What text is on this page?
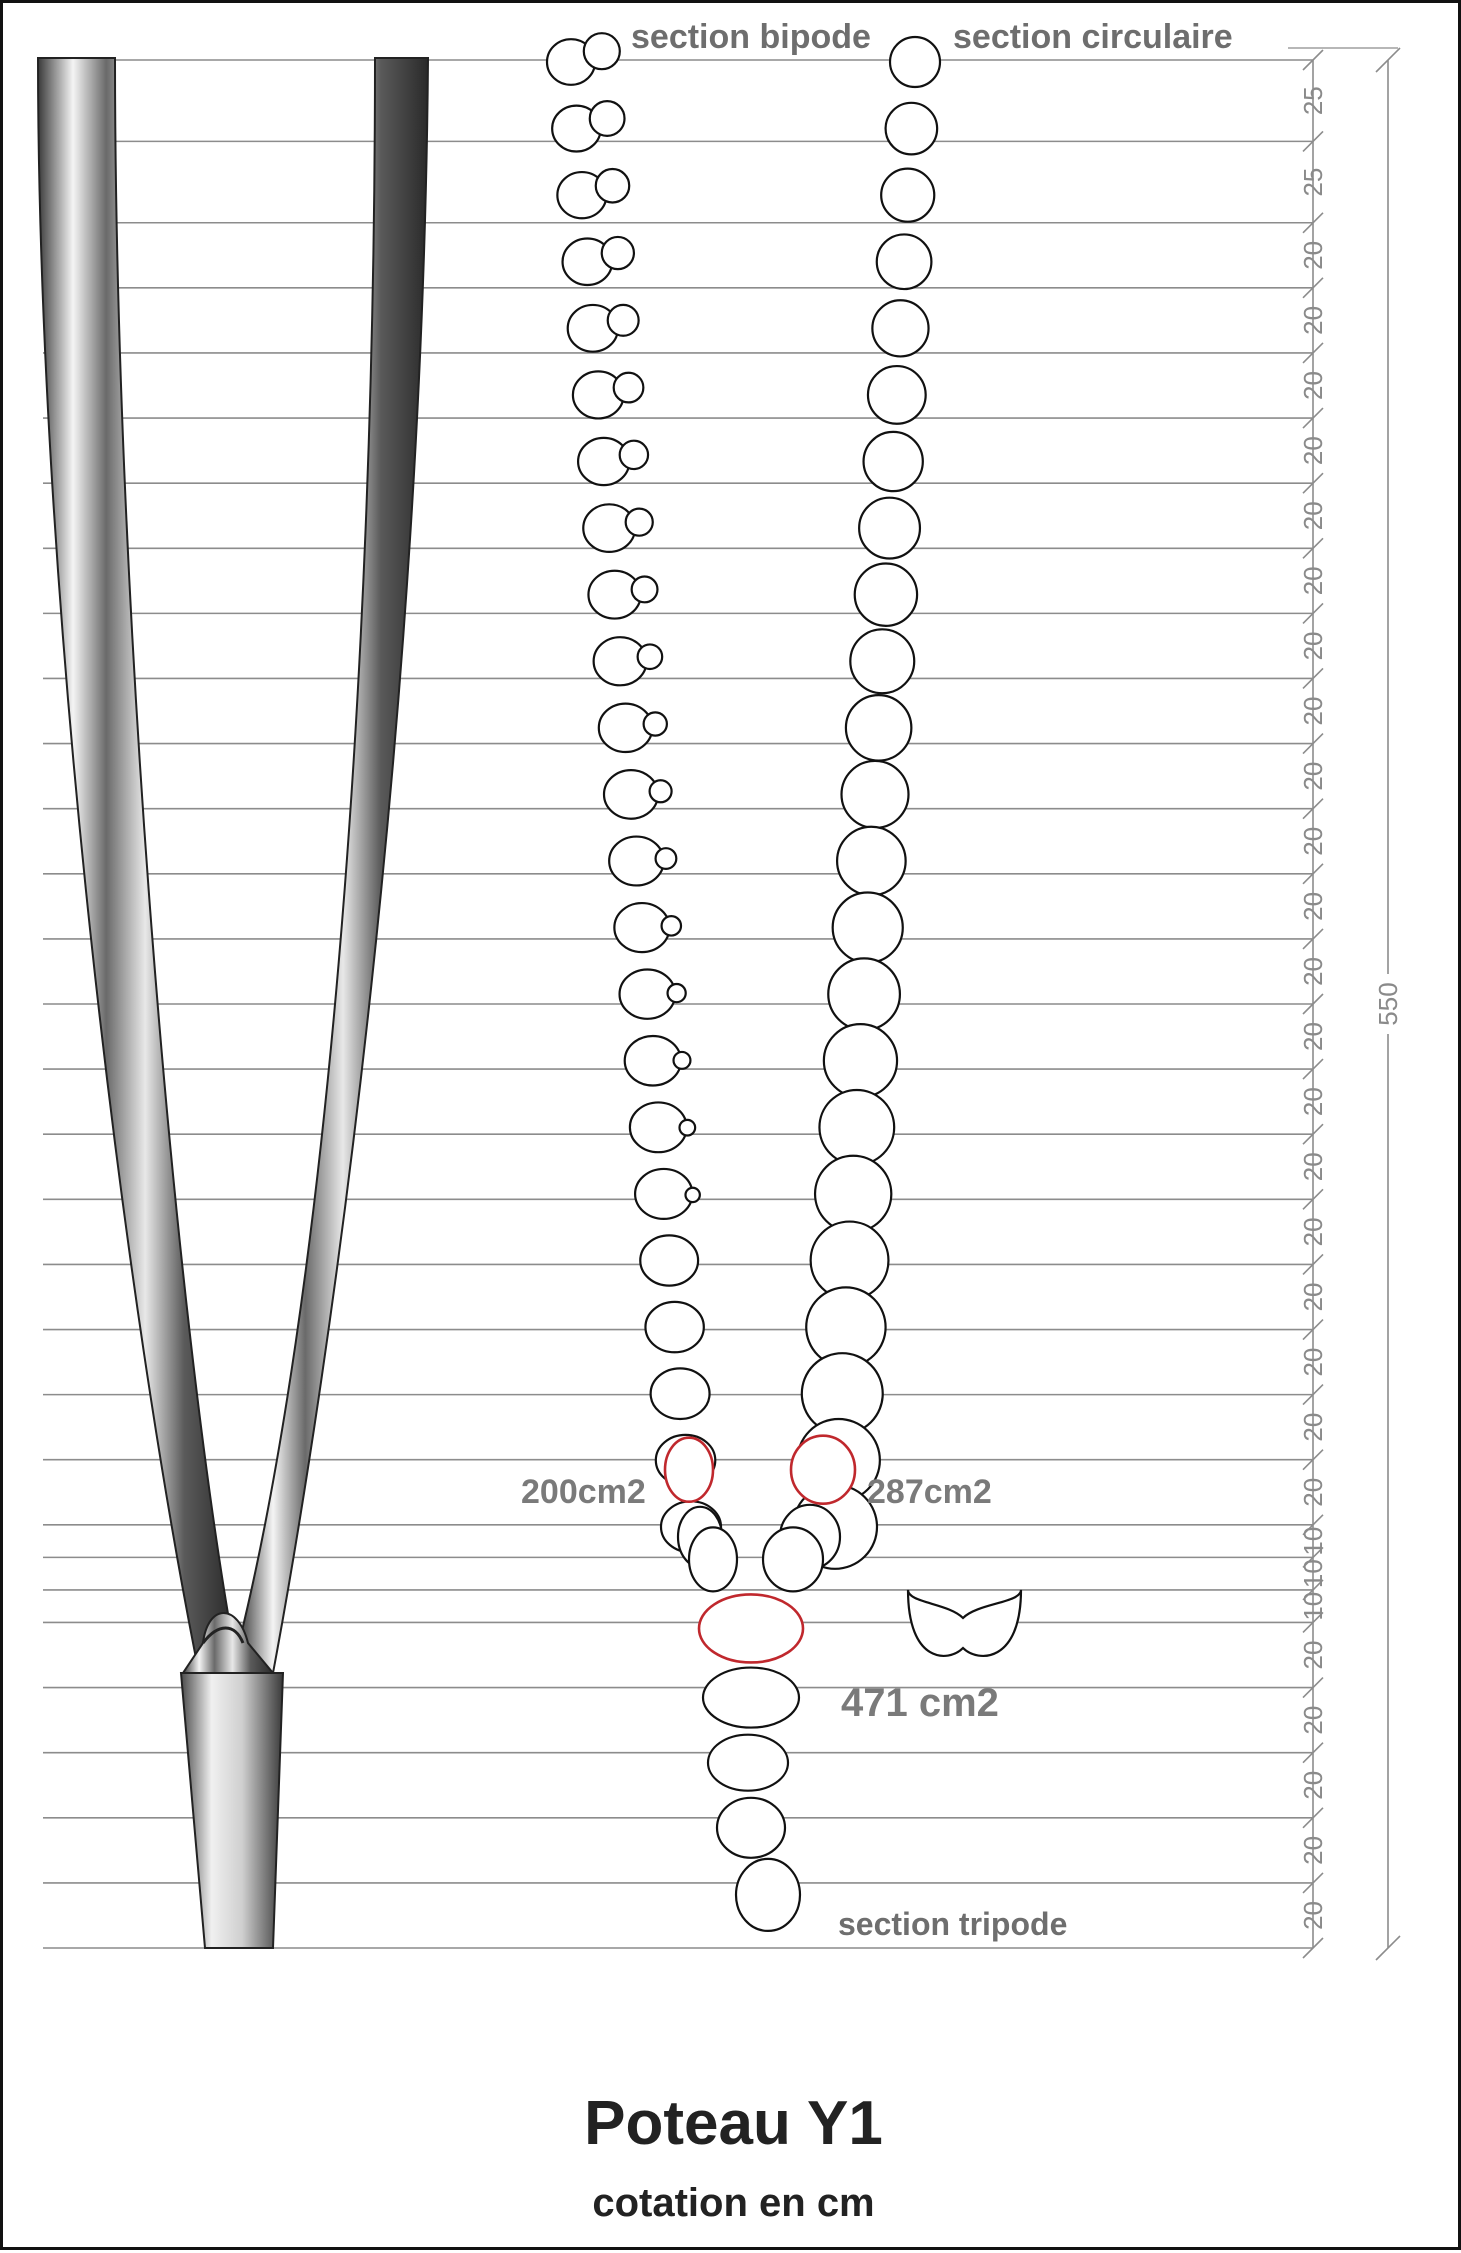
25
25
20
20
20
20
20
20
20
20
20
20
20
20
20
20
20
20
20
20
20
20
10
10
10
20
20
20
20
20
550
section bipode section circulaire
section tripode
200cm2	287cm2
471 cm2
Poteau Y1
cotation en cm
